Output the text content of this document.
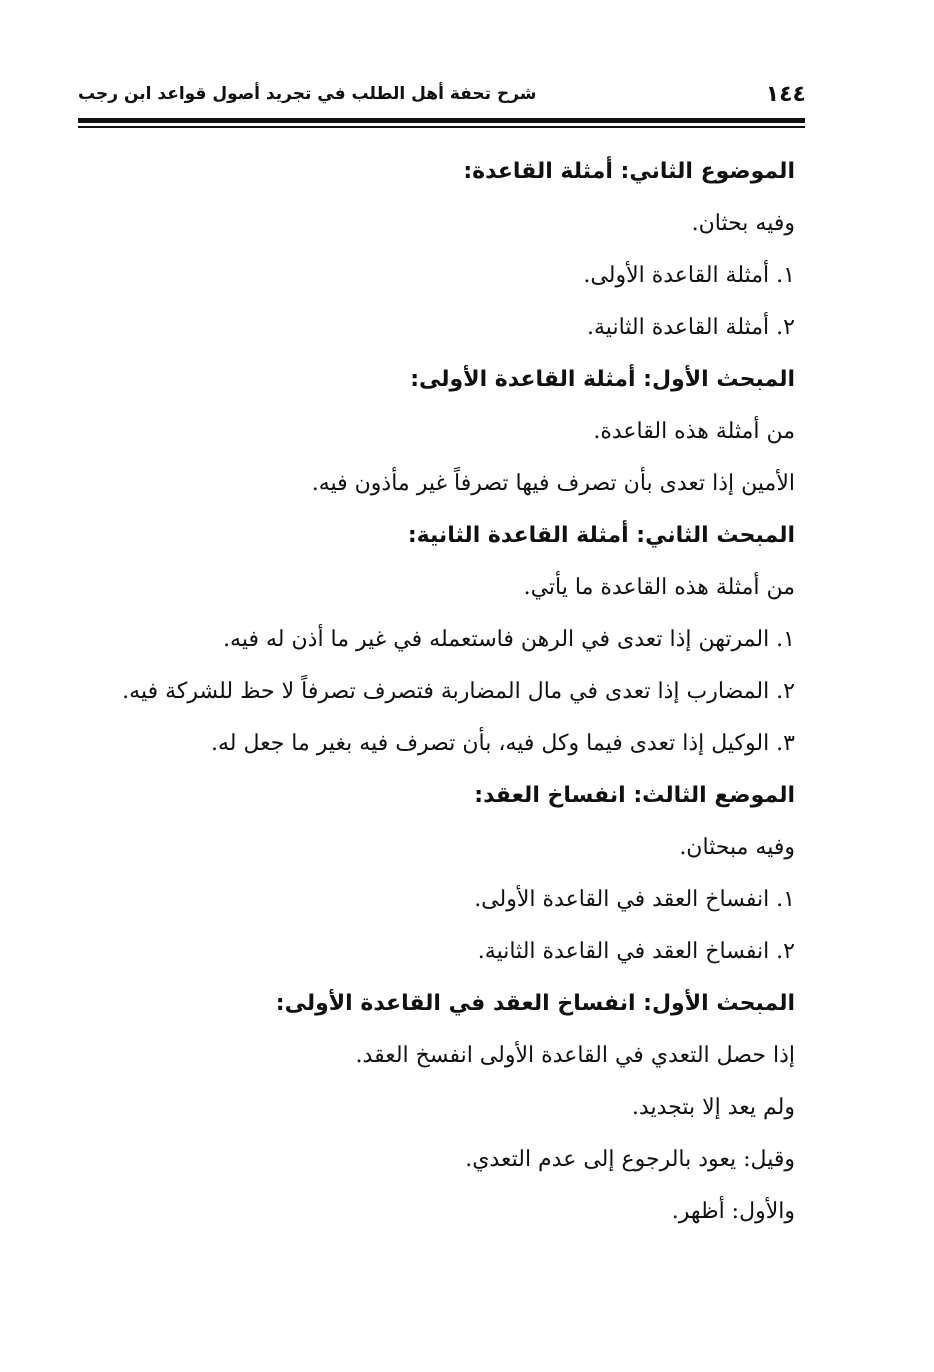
١٤٤
شرح تحفة أهل الطلب في تجريد أصول قواعد ابن رجب
الموضوع الثاني: أمثلة القاعدة:
وفيه بحثان.
١. أمثلة القاعدة الأولى.
٢. أمثلة القاعدة الثانية.
المبحث الأول: أمثلة القاعدة الأولى:
من أمثلة هذه القاعدة.
الأمين إذا تعدى بأن تصرف فيها تصرفاً غير مأذون فيه.
المبحث الثاني: أمثلة القاعدة الثانية:
من أمثلة هذه القاعدة ما يأتي.
١. المرتهن إذا تعدى في الرهن فاستعمله في غير ما أذن له فيه.
٢. المضارب إذا تعدى في مال المضاربة فتصرف تصرفاً لا حظ للشركة فيه.
٣. الوكيل إذا تعدى فيما وكل فيه، بأن تصرف فيه بغير ما جعل له.
الموضع الثالث: انفساخ العقد:
وفيه مبحثان.
١. انفساخ العقد في القاعدة الأولى.
٢. انفساخ العقد في القاعدة الثانية.
المبحث الأول: انفساخ العقد في القاعدة الأولى:
إذا حصل التعدي في القاعدة الأولى انفسخ العقد.
ولم يعد إلا بتجديد.
وقيل: يعود بالرجوع إلى عدم التعدي.
والأول: أظهر.
